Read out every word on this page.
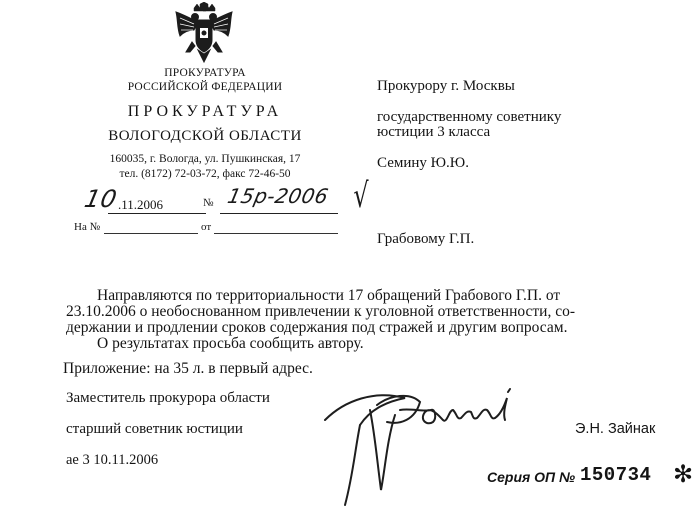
ПРОКУРАТУРА
РОССИЙСКОЙ ФЕДЕРАЦИИ
ПРОКУРАТУРА
ВОЛОГОДСКОЙ ОБЛАСТИ
160035, г. Вологда, ул. Пушкинская, 17
тел. (8172) 72-03-72, факс 72-46-50
10
.11.2006	№ 15р-2006 √
На №	от
Прокурору г. Москвы
государственному советнику
юстиции 3 класса
Семину Ю.Ю.
Грабовому Г.П.
Направляются по территориальности 17 обращений Грабового Г.П. от
23.10.2006 о необоснованном привлечении к уголовной ответственности, со-
держании и продлении сроков содержания под стражей и другим вопросам.
О результатах просьба сообщить автору.
Приложение: на 35 л. в первый адрес.
Заместитель прокурора области
старший советник юстиции	Э.Н. Зайнак
ае 3 10.11.2006
Серия ОП № 150734 ✻
